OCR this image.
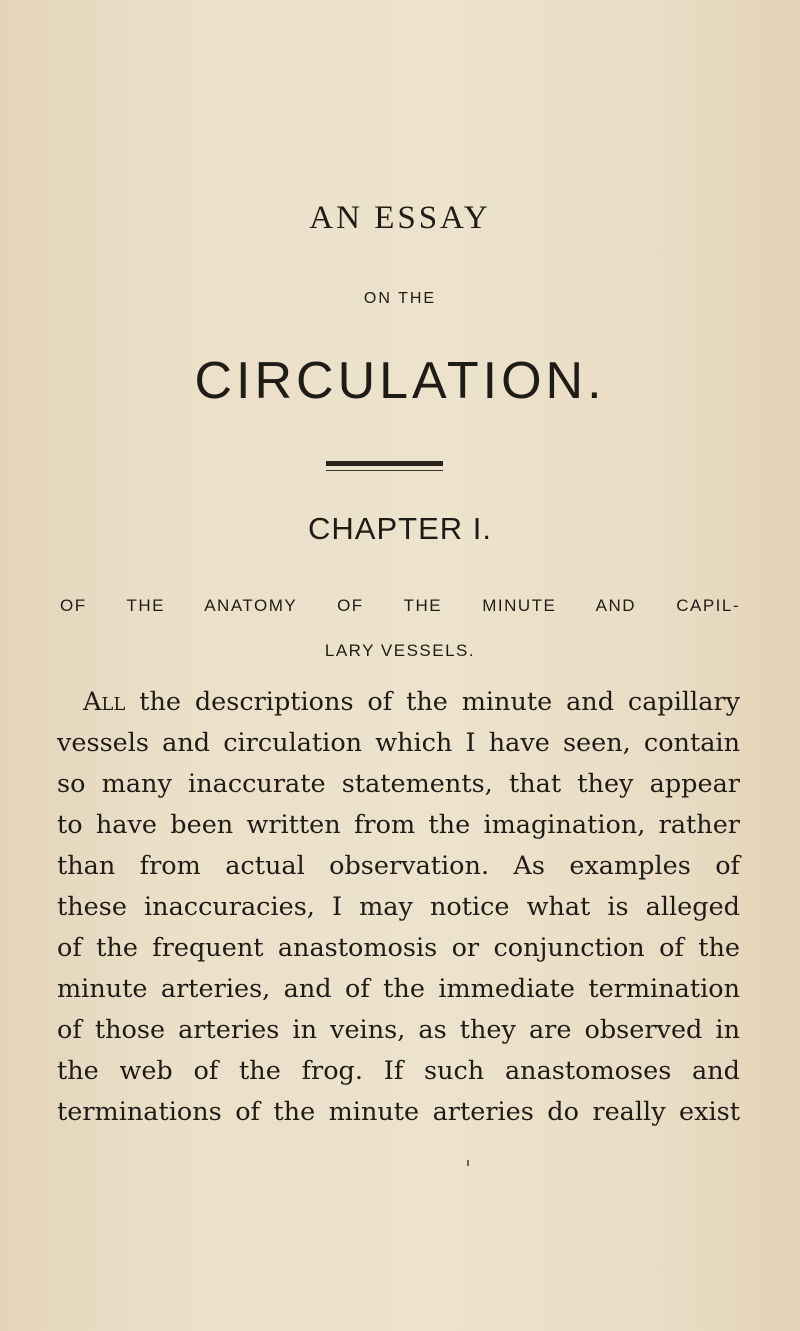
AN ESSAY
ON THE
CIRCULATION.
CHAPTER I.
OF THE ANATOMY OF THE MINUTE AND CAPIL-
LARY VESSELS.
All the descriptions of the minute and capillary
vessels and circulation which I have seen, contain
so many inaccurate statements, that they appear
to have been written from the imagination, rather
than from actual observation. As examples of
these inaccuracies, I may notice what is alleged
of the frequent anastomosis or conjunction of the
minute arteries, and of the immediate termination
of those arteries in veins, as they are observed in
the web of the frog. If such anastomoses and
terminations of the minute arteries do really exist
